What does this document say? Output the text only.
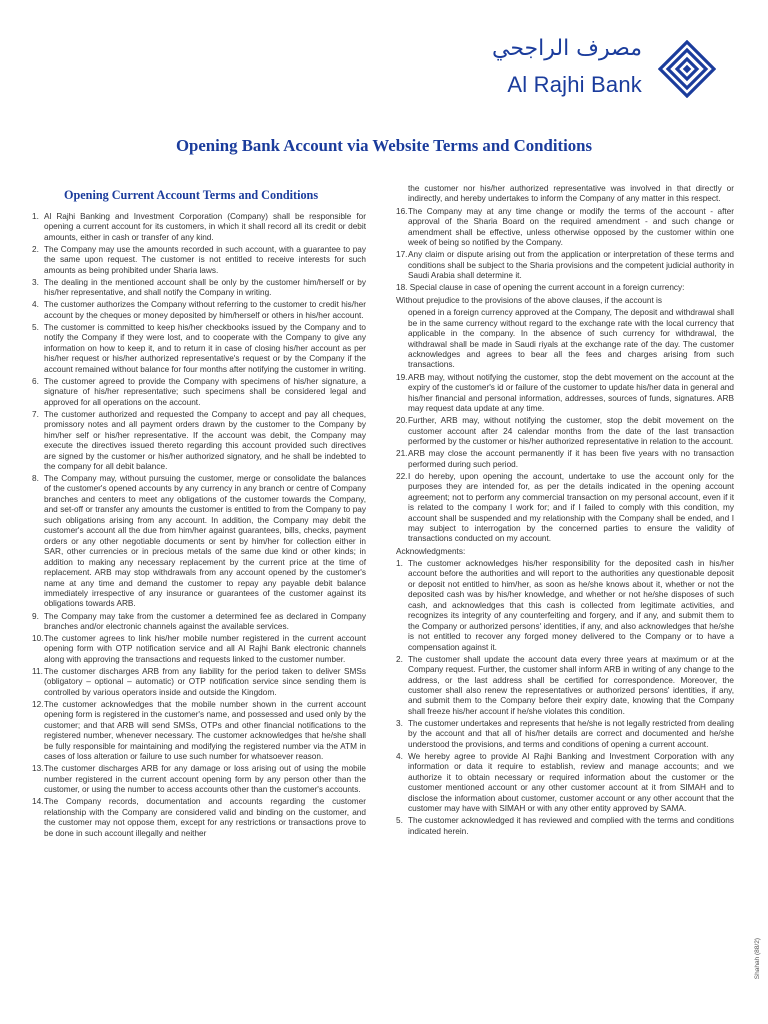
مصرف الراجحي
Al Rajhi Bank
Opening Bank Account via Website Terms and Conditions
Opening Current Account Terms and Conditions
1. Al Rajhi Banking and Investment Corporation (Company) shall be responsible for opening a current account for its customers, in which it shall record all its credit or debit amounts, either in cash or transfer of any kind.
2. The Company may use the amounts recorded in such account, with a guarantee to pay the same upon request. The customer is not entitled to receive interests for such amounts as being prohibited under Sharia laws.
3. The dealing in the mentioned account shall be only by the customer him/herself or by his/her representative, and shall notify the Company in writing.
4. The customer authorizes the Company without referring to the customer to credit his/her account by the cheques or money deposited by him/herself or others in his/her account.
5. The customer is committed to keep his/her checkbooks issued by the Company and to notify the Company if they were lost, and to cooperate with the Company to give any information on how to keep it, and to return it in case of closing his/her account as per his/her request or his/her authorized representative's request or by the Company if the account remained without balance for four months after notifying the customer in writing.
6. The customer agreed to provide the Company with specimens of his/her signature, a signature of his/her representative; such specimens shall be considered legal and approved for all operations on the account.
7. The customer authorized and requested the Company to accept and pay all cheques, promissory notes and all payment orders drawn by the customer to the Company by him/her self or his/her representative. If the account was debit, the Company may execute the directives issued thereto regarding this account provided such directives are signed by the customer or his/her authorized signatory, and he shall be indebted to the company for all debit balance.
8. The Company may, without pursuing the customer, merge or consolidate the balances of the customer's opened accounts by any currency in any branch or centre of Company branches and centers to meet any obligations of the customer towards the Company, and set-off or transfer any amounts the customer is entitled to from the Company to pay such obligations arising from any account. In addition, the Company may debit the customer's account all the due from him/her against guarantees, bills, checks, payment orders or any other negotiable documents or sent by him/her for collection either in SAR, other currencies or in precious metals of the same due kind or other kinds; in addition to making any necessary replacement by the current price at the time of replacement. ARB may stop withdrawals from any account opened by the customer's name at any time and demand the customer to repay any payable debit balance immediately irrespective of any insurance or guarantees of the customer against its obligations towards ARB.
9. The Company may take from the customer a determined fee as declared in Company branches and/or electronic channels against the available services.
10. The customer agrees to link his/her mobile number registered in the current account opening form with OTP notification service and all Al Rajhi Bank electronic channels along with approving the transactions and requests linked to the customer number.
11. The customer discharges ARB from any liability for the period taken to deliver SMSs (obligatory – optional – automatic) or OTP notification service since sending them is controlled by various operators inside and outside the Kingdom.
12. The customer acknowledges that the mobile number shown in the current account opening form is registered in the customer's name, and possessed and used only by the customer; and that ARB will send SMSs, OTPs and other financial notifications to the registered number, whenever necessary. The customer acknowledges that he/she shall be fully responsible for maintaining and modifying the registered number via the ATM in cases of loss alteration or failure to use such number for whatsoever reason.
13. The customer discharges ARB for any damage or loss arising out of using the mobile number registered in the current account opening form by any person other than the customer, or using the number to access accounts other than the customer's accounts.
14. The Company records, documentation and accounts regarding the customer relationship with the Company are considered valid and binding on the customer, and the customer may not oppose them, except for any restrictions or transactions prove to be done in such account illegally and neither
the customer nor his/her authorized representative was involved in that directly or indirectly, and hereby undertakes to inform the Company of any matter in this respect.
16. The Company may at any time change or modify the terms of the account - after approval of the Sharia Board on the required amendment - and such change or amendment shall be effective, unless otherwise opposed by the customer within one week of being so notified by the Company.
17. Any claim or dispute arising out from the application or interpretation of these terms and conditions shall be subject to the Sharia provisions and the competent judicial authority in Saudi Arabia shall determine it.
18. Special clause in case of opening the current account in a foreign currency:
Without prejudice to the provisions of the above clauses, if the account is
opened in a foreign currency approved at the Company, The deposit and withdrawal shall be in the same currency without regard to the exchange rate with the local currency that applicable in the company. In the absence of such currency for withdrawal, the withdrawal shall be made in Saudi riyals at the exchange rate of the day. The customer acknowledges and agrees to bear all the fees and charges arising from such transactions.
19. ARB may, without notifying the customer, stop the debt movement on the account at the expiry of the customer's id or failure of the customer to update his/her data in general and his/her financial and personal information, addresses, sources of funds, signatures. ARB may request data update at any time.
20. Further, ARB may, without notifying the customer, stop the debit movement on the customer account after 24 calendar months from the date of the last transaction performed by the customer or his/her authorized representative in relation to the account.
21. ARB may close the account permanently if it has been five years with no transaction performed during such period.
22. I do hereby, upon opening the account, undertake to use the account only for the purposes they are intended for, as per the details indicated in the opening account agreement; not to perform any commercial transaction on my personal account, even if it is related to the company I work for; and if I failed to comply with this condition, my account shall be suspended and my relationship with the Company shall be ended, and I may subject to interrogation by the concerned parties to ensure the validity of transactions conducted on my account.
Acknowledgments:
1. The customer acknowledges his/her responsibility for the deposited cash in his/her account before the authorities and will report to the authorities any questionable deposit or deposit not entitled to him/her, as soon as he/she knows about it, whether or not the deposited cash was by his/her knowledge, and whether or not he/she disposes of such cash, and acknowledges that this cash is collected from legitimate activities, and recognizes its integrity of any counterfeiting and forgery, and if any, and submit them to the Company or authorized persons' identities, if any, and also acknowledges that he/she is not entitled to recover any forged money delivered to the Company or to have a compensation against it.
2. The customer shall update the account data every three years at maximum or at the Company request. Further, the customer shall inform ARB in writing of any change to the address, or the last address shall be certified for correspondence. Moreover, the customer shall also renew the representatives or authorized persons' identities, if any, and submit them to the Company before their expiry date, knowing that the Company shall freeze his/her account if he/she violates this condition.
3. The customer undertakes and represents that he/she is not legally restricted from dealing by the account and that all of his/her details are correct and documented and he/she understood the provisions, and terms and conditions of opening a current account.
4. We hereby agree to provide Al Rajhi Banking and Investment Corporation with any information or data it require to establish, review and manage accounts; and we authorize it to obtain necessary or required information about the customer or the customer mentioned account or any other customer account at it from SIMAH and to disclose the information about customer, customer account or any other account that the customer may have with SIMAH or with any other entity approved by SAMA.
5. The customer acknowledged it has reviewed and complied with the terms and conditions indicated herein.
Shahah (88/2)
